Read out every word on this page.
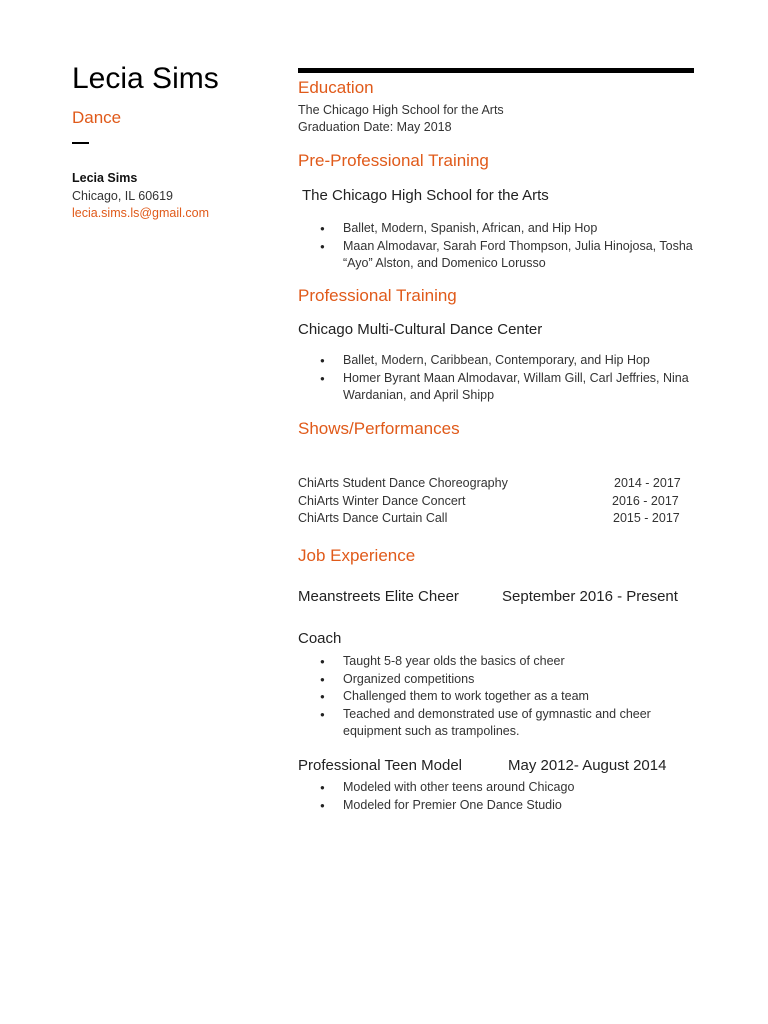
Lecia Sims
Dance
Lecia Sims
Chicago, IL 60619
lecia.sims.ls@gmail.com
Education
The Chicago High School for the Arts
Graduation Date: May 2018
Pre-Professional Training
The Chicago High School for the Arts
● Ballet, Modern, Spanish, African, and Hip Hop
● Maan Almodavar, Sarah Ford Thompson, Julia Hinojosa, Tosha “Ayo” Alston, and Domenico Lorusso
Professional Training
Chicago Multi-Cultural Dance Center
● Ballet, Modern, Caribbean, Contemporary, and Hip Hop
● Homer Byrant Maan Almodavar, Willam Gill, Carl Jeffries, Nina Wardanian, and April Shipp
Shows/Performances
ChiArts Student Dance Choreography	2014 - 2017
ChiArts Winter Dance Concert	2016 - 2017
ChiArts Dance Curtain Call	2015 - 2017
Job Experience
Meanstreets Elite Cheer	September 2016 - Present
Coach
● Taught 5-8 year olds the basics of cheer
● Organized competitions
● Challenged them to work together as a team
● Teached and demonstrated use of gymnastic and cheer equipment such as trampolines.
Professional Teen Model	May 2012- August 2014
● Modeled with other teens around Chicago
● Modeled for Premier One Dance Studio
